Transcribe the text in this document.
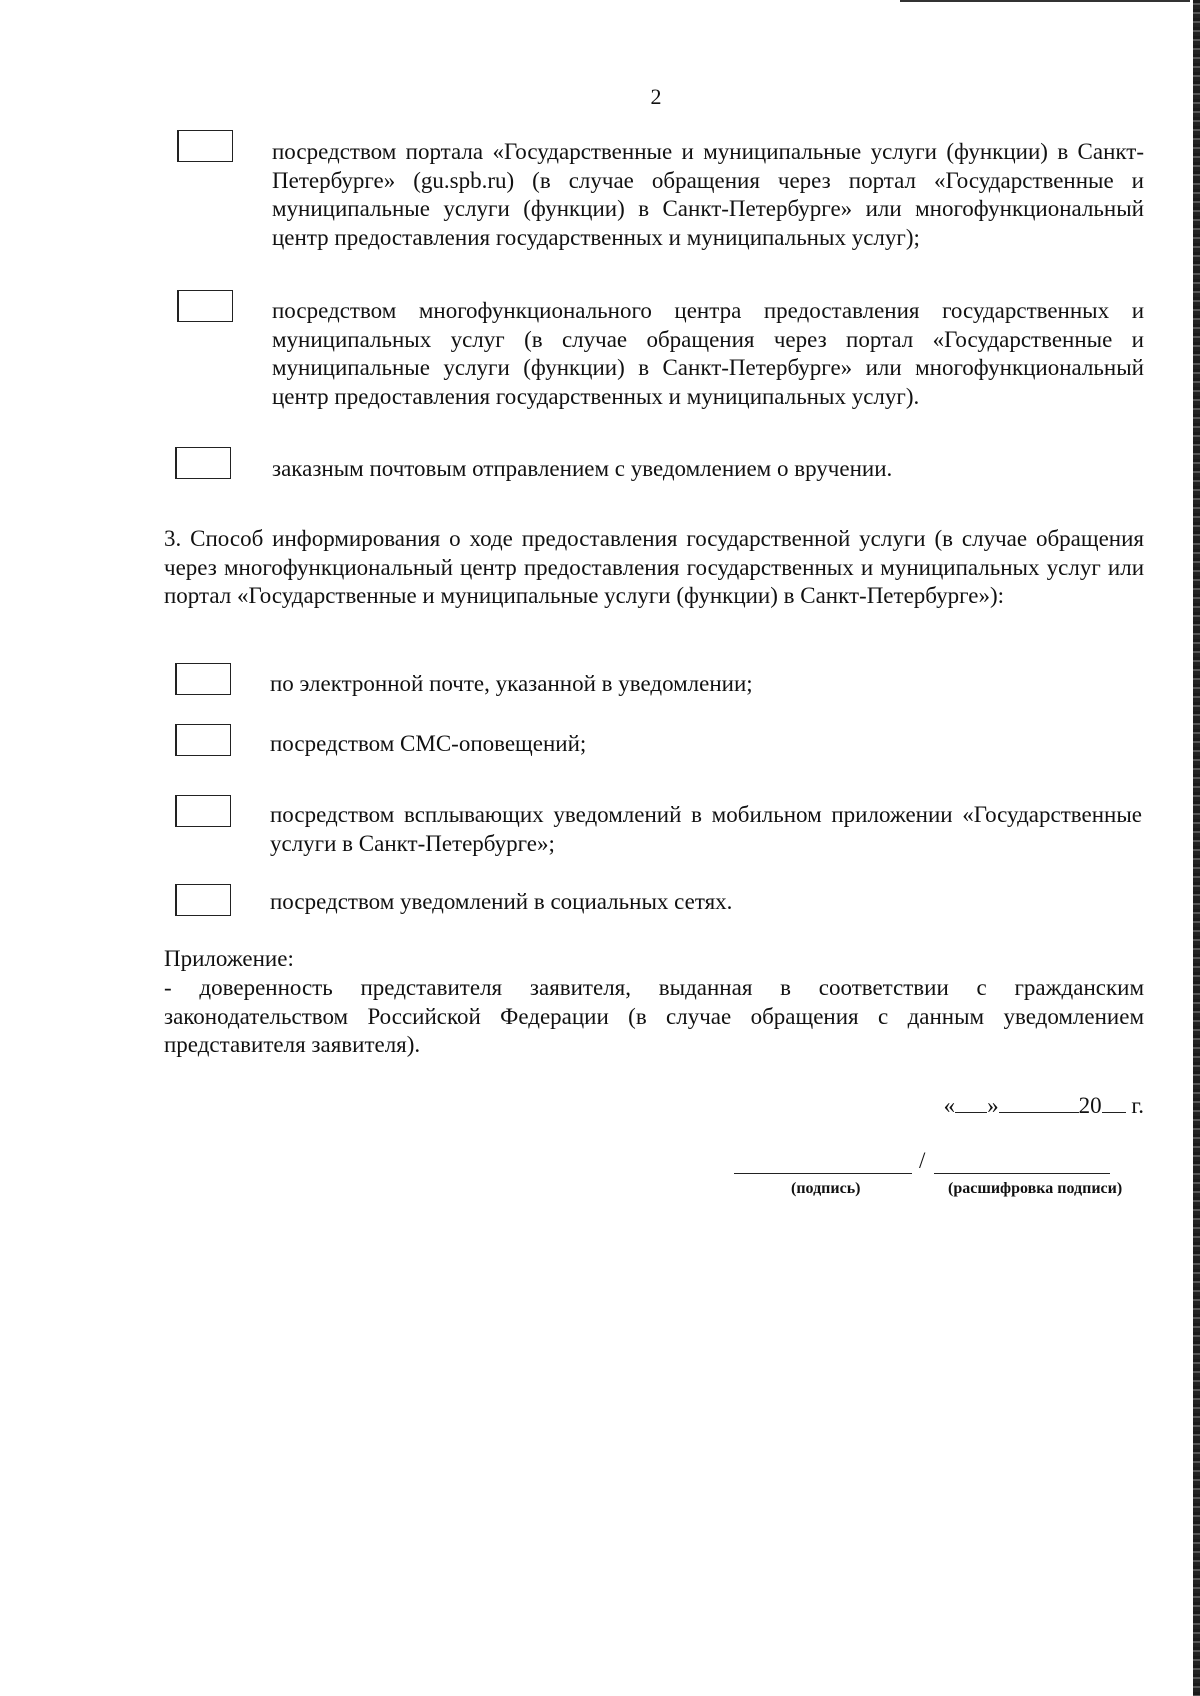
2
посредством портала «Государственные и муниципальные услуги (функции) в Санкт-Петербурге» (gu.spb.ru) (в случае обращения через портал «Государственные и муниципальные услуги (функции) в Санкт-Петербурге» или многофункциональный центр предоставления государственных и муниципальных услуг);
посредством многофункционального центра предоставления государственных и муниципальных услуг (в случае обращения через портал «Государственные и муниципальные услуги (функции) в Санкт-Петербурге» или многофункциональный центр предоставления государственных и муниципальных услуг).
заказным почтовым отправлением с уведомлением о вручении.
3. Способ информирования о ходе предоставления государственной услуги (в случае обращения через многофункциональный центр предоставления государственных и муниципальных услуг или портал «Государственные и муниципальные услуги (функции) в Санкт-Петербурге»):
по электронной почте, указанной в уведомлении;
посредством СМС-оповещений;
посредством всплывающих уведомлений в мобильном приложении «Государственные услуги в Санкт-Петербурге»;
посредством уведомлений в социальных сетях.
Приложение:
- доверенность представителя заявителя, выданная в соответствии с гражданским законодательством Российской Федерации (в случае обращения с данным уведомлением представителя заявителя).
« »	20 г.
/
(подпись)	(расшифровка подписи)
